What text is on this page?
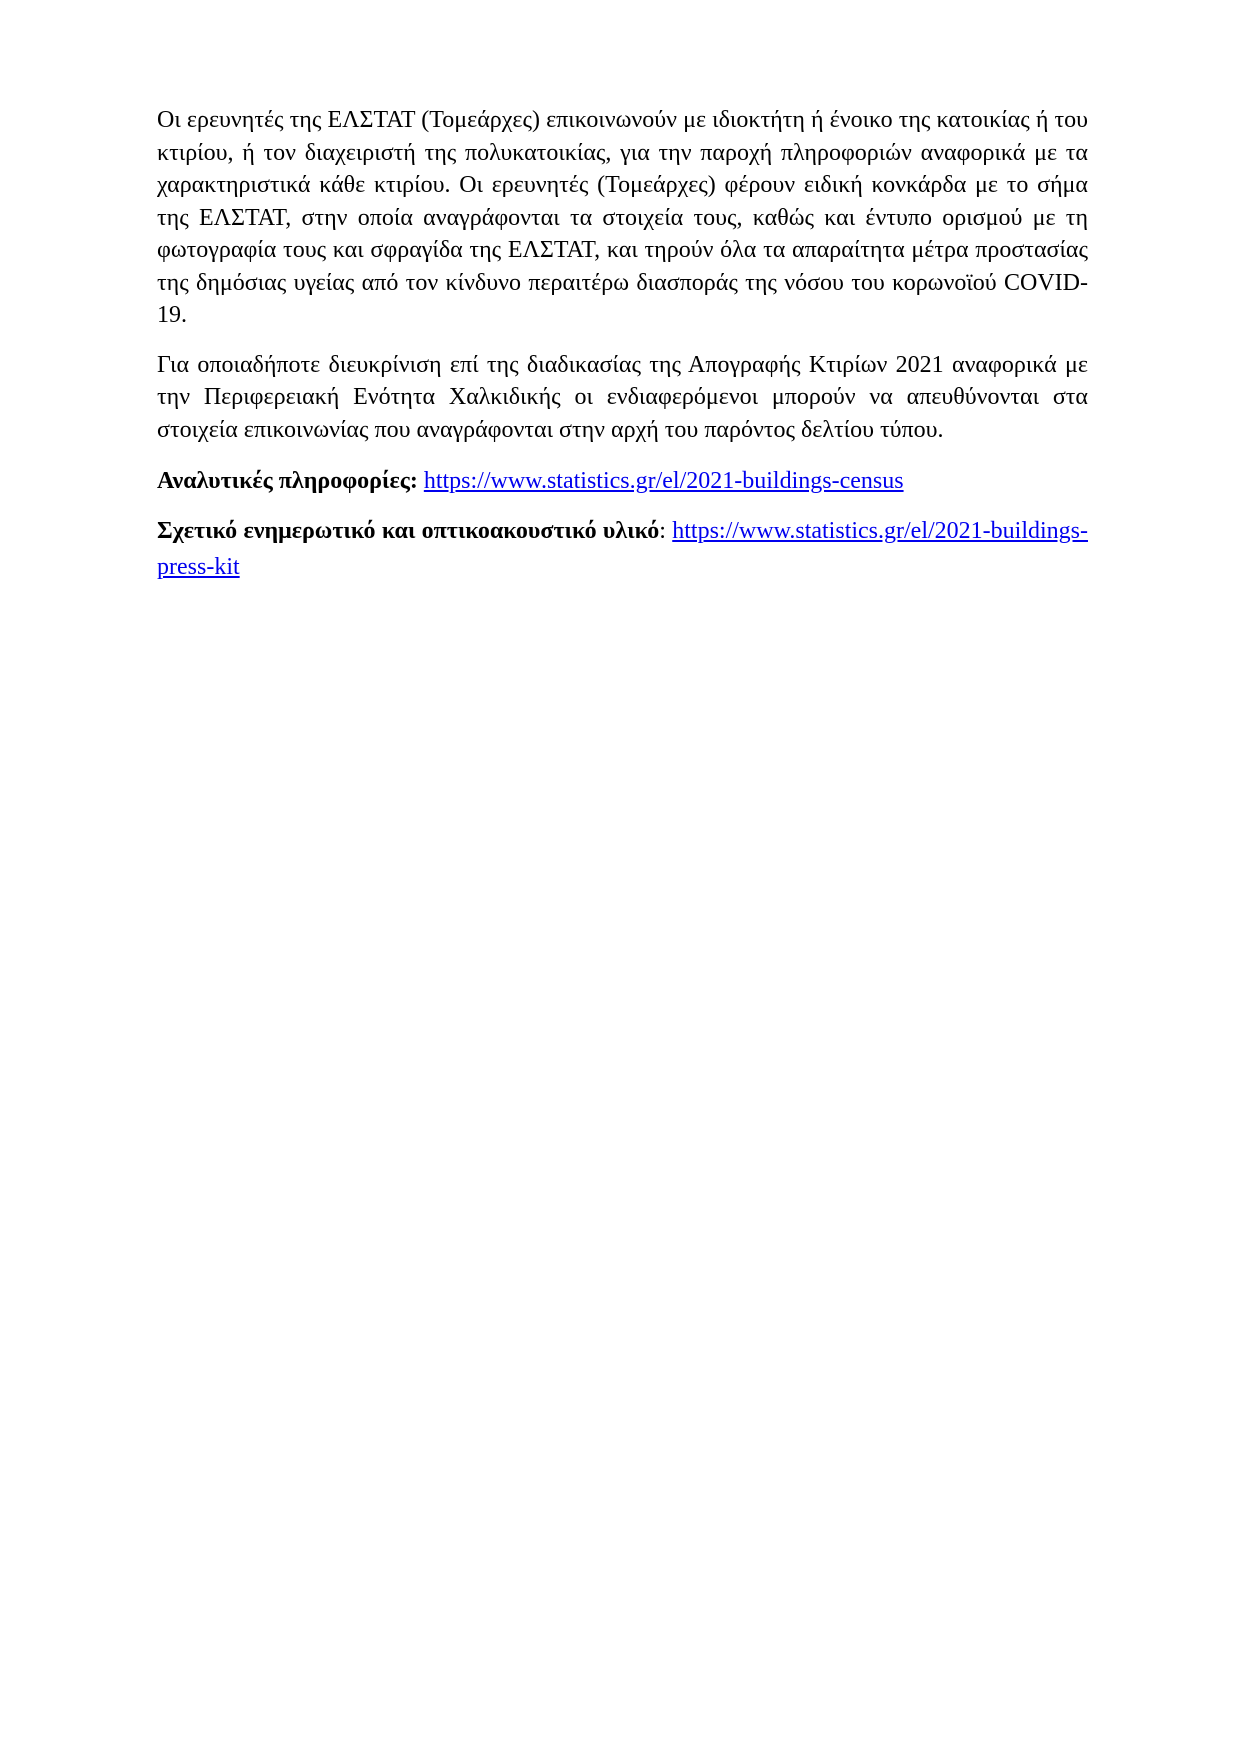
Οι ερευνητές της ΕΛΣΤΑΤ (Τομεάρχες) επικοινωνούν με ιδιοκτήτη ή ένοικο της κατοικίας ή του κτιρίου, ή τον διαχειριστή της πολυκατοικίας, για την παροχή πληροφοριών αναφορικά με τα χαρακτηριστικά κάθε κτιρίου. Οι ερευνητές (Τομεάρχες) φέρουν ειδική κονκάρδα με το σήμα της ΕΛΣΤΑΤ, στην οποία αναγράφονται τα στοιχεία τους, καθώς και έντυπο ορισμού με τη φωτογραφία τους και σφραγίδα της ΕΛΣΤΑΤ, και τηρούν όλα τα απαραίτητα μέτρα προστασίας της δημόσιας υγείας από τον κίνδυνο περαιτέρω διασποράς της νόσου του κορωνοϊού COVID-19.

Για οποιαδήποτε διευκρίνιση επί της διαδικασίας της Απογραφής Κτιρίων 2021 αναφορικά με την Περιφερειακή Ενότητα Χαλκιδικής οι ενδιαφερόμενοι μπορούν να απευθύνονται στα στοιχεία επικοινωνίας που αναγράφονται στην αρχή του παρόντος δελτίου τύπου.

Αναλυτικές πληροφορίες: https://www.statistics.gr/el/2021-buildings-census

Σχετικό ενημερωτικό και οπτικοακουστικό υλικό: https://www.statistics.gr/el/2021-buildings-press-kit
